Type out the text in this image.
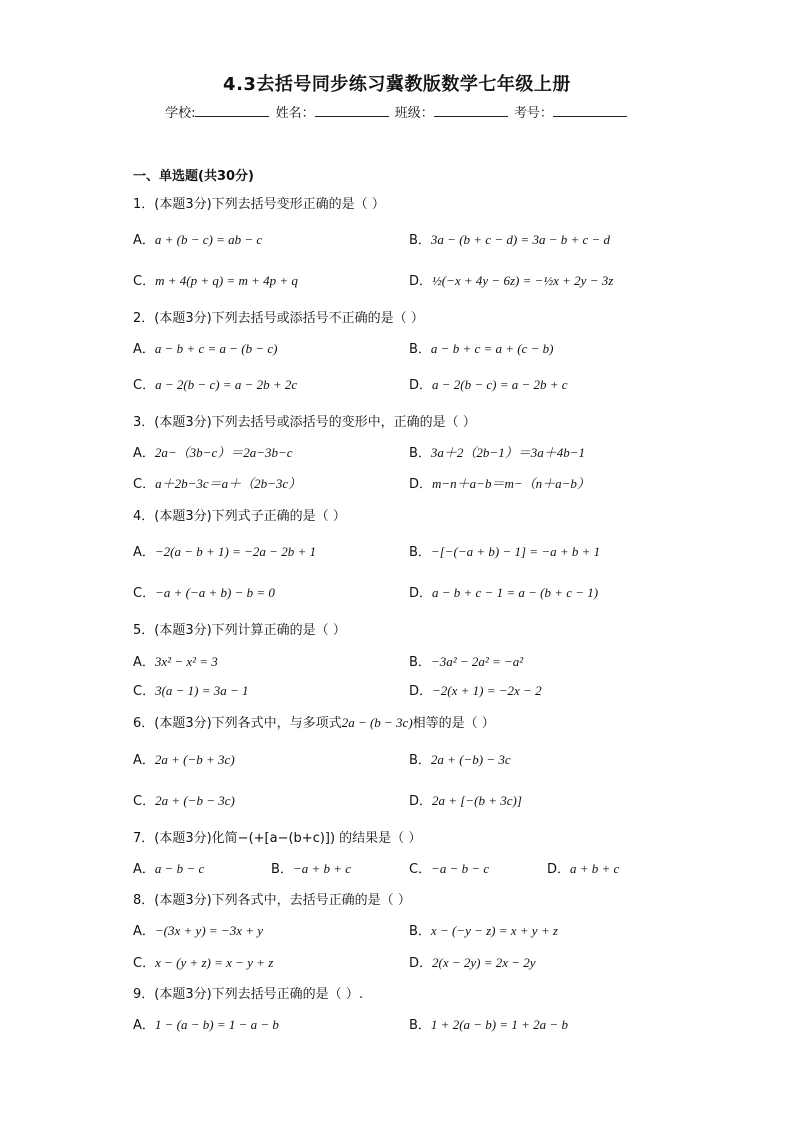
4.3去括号同步练习冀教版数学七年级上册
学校:	姓名：	班级：	考号：
一、单选题(共30分)
1．(本题3分)下列去括号变形正确的是（ ）
A．a + (b − c) = ab − c	B．3a − (b + c − d) = 3a − b + c − d
C．m + 4(p + q) = m + 4p + q	D．½(−x + 4y − 6z) = −½x + 2y − 3z
2．(本题3分)下列去括号或添括号不正确的是（ ）
A．a − b + c = a − (b − c)	B．a − b + c = a + (c − b)
C．a − 2(b − c) = a − 2b + 2c	D．a − 2(b − c) = a − 2b + c
3．(本题3分)下列去括号或添括号的变形中，正确的是（ ）
A．2a−（3b−c）＝2a−3b−c	B．3a＋2（2b−1）＝3a＋4b−1
C．a＋2b−3c＝a＋（2b−3c）	D．m−n＋a−b＝m−（n＋a−b）
4．(本题3分)下列式子正确的是（ ）
A．−2(a − b + 1) = −2a − 2b + 1	B．−[−(−a + b) − 1] = −a + b + 1
C．−a + (−a + b) − b = 0	D．a − b + c − 1 = a − (b + c − 1)
5．(本题3分)下列计算正确的是（ ）
A．3x² − x² = 3	B．−3a² − 2a² = −a²
C．3(a − 1) = 3a − 1	D．−2(x + 1) = −2x − 2
6．(本题3分)下列各式中，与多项式2a − (b − 3c)相等的是（ ）
A．2a + (−b + 3c)	B．2a + (−b) − 3c
C．2a + (−b − 3c)	D．2a + [−(b + 3c)]
7．(本题3分)化简−(+[a−(b+c)]) 的结果是（ ）
A．a − b − c	B．−a + b + c	C．−a − b − c	D．a + b + c
8．(本题3分)下列各式中，去括号正确的是（ ）
A．−(3x + y) = −3x + y	B．x − (−y − z) = x + y + z
C．x − (y + z) = x − y + z	D．2(x − 2y) = 2x − 2y
9．(本题3分)下列去括号正确的是（ ）.
A．1 − (a − b) = 1 − a − b	B．1 + 2(a − b) = 1 + 2a − b
